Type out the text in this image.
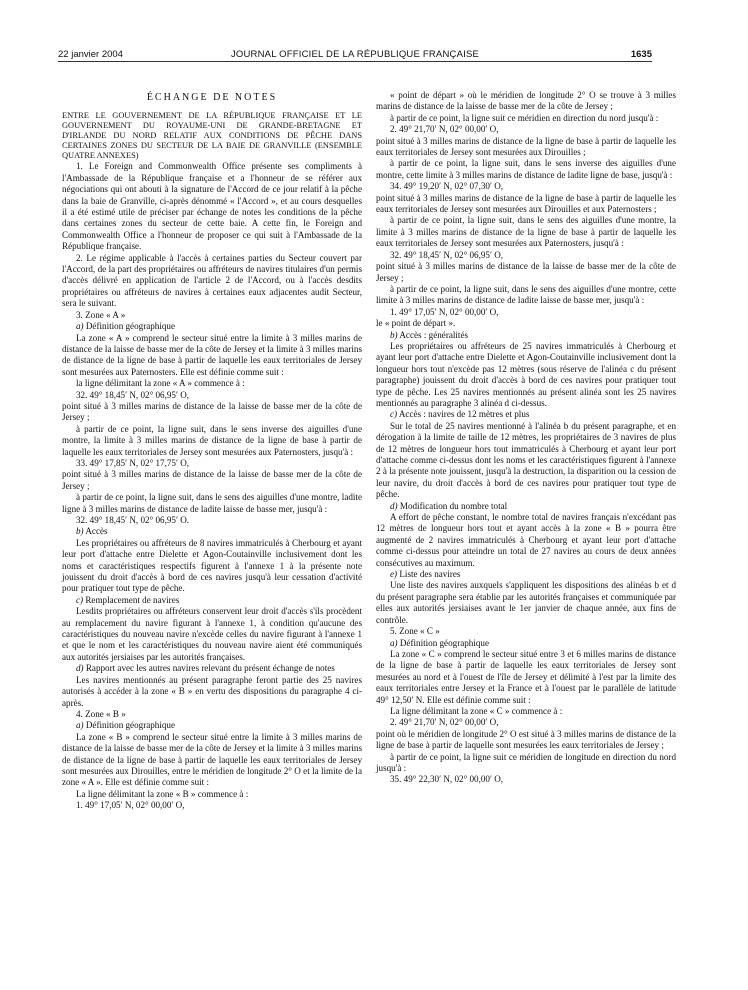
22 janvier 2004	JOURNAL OFFICIEL DE LA RÉPUBLIQUE FRANÇAISE	1635
ÉCHANGE DE NOTES

ENTRE LE GOUVERNEMENT DE LA RÉPUBLIQUE FRANÇAISE ET LE GOUVERNEMENT DU ROYAUME-UNI DE GRANDE-BRETAGNE ET D'IRLANDE DU NORD RELATIF AUX CONDITIONS DE PÊCHE DANS CERTAINES ZONES DU SECTEUR DE LA BAIE DE GRANVILLE (ENSEMBLE QUATRE ANNEXES)

1. Le Foreign and Commonwealth Office présente ses compliments à l'Ambassade de la République française et a l'honneur de se référer aux négociations qui ont abouti à la signature de l'Accord de ce jour relatif à la pêche dans la baie de Granville, ci-après dénommé « l'Accord », et au cours desquelles il a été estimé utile de préciser par échange de notes les conditions de la pêche dans certaines zones du secteur de cette baie. A cette fin, le Foreign and Commonwealth Office a l'honneur de proposer ce qui suit à l'Ambassade de la République française.

2. Le régime applicable à l'accès à certaines parties du Secteur couvert par l'Accord, de la part des propriétaires ou affréteurs de navires titulaires d'un permis d'accès délivré en application de l'article 2 de l'Accord, ou à l'accès desdits propriétaires ou affréteurs de navires à certaines eaux adjacentes audit Secteur, sera le suivant.

3. Zone « A »

a) Définition géographique

La zone « A » comprend le secteur situé entre la limite à 3 milles marins de distance de la laisse de basse mer de la côte de Jersey et la limite à 3 milles marins de distance de la ligne de base à partir de laquelle les eaux territoriales de Jersey sont mesurées aux Paternosters. Elle est définie comme suit :

la ligne délimitant la zone « A » commence à :

32. 49° 18,45′ N, 02° 06,95′ O,

point situé à 3 milles marins de distance de la laisse de basse mer de la côte de Jersey ;

à partir de ce point, la ligne suit, dans le sens inverse des aiguilles d'une montre, la limite à 3 milles marins de distance de la ligne de base à partir de laquelle les eaux territoriales de Jersey sont mesurées aux Paternosters, jusqu'à :

33. 49° 17,85′ N, 02° 17,75′ O,

point situé à 3 milles marins de distance de la laisse de basse mer de la côte de Jersey ;

à partir de ce point, la ligne suit, dans le sens des aiguilles d'une montre, ladite ligne à 3 milles marins de distance de ladite laisse de basse mer, jusqu'à :

32. 49° 18,45′ N, 02° 06,95′ O.

b) Accès

Les propriétaires ou affréteurs de 8 navires immatriculés à Cherbourg et ayant leur port d'attache entre Dielette et Agon-Coutainville inclusivement dont les noms et caractéristiques respectifs figurent à l'annexe 1 à la présente note jouissent du droit d'accès à bord de ces navires jusqu'à leur cessation d'activité pour pratiquer tout type de pêche.

c) Remplacement de navires

Lesdits propriétaires ou affréteurs conservent leur droit d'accès s'ils procèdent au remplacement du navire figurant à l'annexe 1, à condition qu'aucune des caractéristiques du nouveau navire n'excède celles du navire figurant à l'annexe 1 et que le nom et les caractéristiques du nouveau navire aient été communiqués aux autorités jersiaises par les autorités françaises.

d) Rapport avec les autres navires relevant du présent échange de notes

Les navires mentionnés au présent paragraphe feront partie des 25 navires autorisés à accéder à la zone « B » en vertu des dispositions du paragraphe 4 ci-après.

4. Zone « B »

a) Définition géographique

La zone « B » comprend le secteur situé entre la limite à 3 milles marins de distance de la laisse de basse mer de la côte de Jersey et la limite à 3 milles marins de distance de la ligne de base à partir de laquelle les eaux territoriales de Jersey sont mesurées aux Dirouilles, entre le méridien de longitude 2° O et la limite de la zone « A ». Elle est définie comme suit :

La ligne délimitant la zone « B » commence à :

1. 49° 17,05′ N, 02° 00,00′ O,

« point de départ » où le méridien de longitude 2° O se trouve à 3 milles marins de distance de la laisse de basse mer de la côte de Jersey ;

à partir de ce point, la ligne suit ce méridien en direction du nord jusqu'à :

2. 49° 21,70′ N, 02° 00,00′ O,

point situé à 3 milles marins de distance de la ligne de base à partir de laquelle les eaux territoriales de Jersey sont mesurées aux Dirouilles ;

à partir de ce point, la ligne suit, dans le sens inverse des aiguilles d'une montre, cette limite à 3 milles marins de distance de ladite ligne de base, jusqu'à :

34. 49° 19,20′ N, 02° 07,30′ O,

point situé à 3 milles marins de distance de la ligne de base à partir de laquelle les eaux territoriales de Jersey sont mesurées aux Dirouilles et aux Paternosters ;

à partir de ce point, la ligne suit, dans le sens des aiguilles d'une montre, la limite à 3 milles marins de distance de la ligne de base à partir de laquelle les eaux territoriales de Jersey sont mesurées aux Paternosters, jusqu'à :

32. 49° 18,45′ N, 02° 06,95′ O,

point situé à 3 milles marins de distance de la laisse de basse mer de la côte de Jersey ;

à partir de ce point, la ligne suit, dans le sens des aiguilles d'une montre, cette limite à 3 milles marins de distance de ladite laisse de basse mer, jusqu'à :

1. 49° 17,05′ N, 02° 00,00′ O,

le « point de départ ».

b) Accès : généralités

Les propriétaires ou affréteurs de 25 navires immatriculés à Cherbourg et ayant leur port d'attache entre Dielette et Agon-Coutainville inclusivement dont la longueur hors tout n'excède pas 12 mètres (sous réserve de l'alinéa c du présent paragraphe) jouissent du droit d'accès à bord de ces navires pour pratiquer tout type de pêche. Les 25 navires mentionnés au présent alinéa sont les 25 navires mentionnés au paragraphe 3 alinéa d ci-dessus.

c) Accès : navires de 12 mètres et plus

Sur le total de 25 navires mentionné à l'alinéa b du présent paragraphe, et en dérogation à la limite de taille de 12 mètres, les propriétaires de 3 navires de plus de 12 mètres de longueur hors tout immatriculés à Cherbourg et ayant leur port d'attache comme ci-dessus dont les noms et les caractéristiques figurent à l'annexe 2 à la présente note jouissent, jusqu'à la destruction, la disparition ou la cession de leur navire, du droit d'accès à bord de ces navires pour pratiquer tout type de pêche.

d) Modification du nombre total

A effort de pêche constant, le nombre total de navires français n'excédant pas 12 mètres de longueur hors tout et ayant accès à la zone « B » pourra être augmenté de 2 navires immatriculés à Cherbourg et ayant leur port d'attache comme ci-dessus pour atteindre un total de 27 navires au cours de deux années consécutives au maximum.

e) Liste des navires

Une liste des navires auxquels s'appliquent les dispositions des alinéas b et d du présent paragraphe sera établie par les autorités françaises et communiquée par elles aux autorités jersiaises avant le 1er janvier de chaque année, aux fins de contrôle.

5. Zone « C »

a) Définition géographique

La zone « C » comprend le secteur situé entre 3 et 6 milles marins de distance de la ligne de base à partir de laquelle les eaux territoriales de Jersey sont mesurées au nord et à l'ouest de l'île de Jersey et délimité à l'est par la limite des eaux territoriales entre Jersey et la France et à l'ouest par le parallèle de latitude 49° 12,50′ N. Elle est définie comme suit :

La ligne délimitant la zone « C » commence à :

2. 49° 21,70′ N, 02° 00,00′ O,

point où le méridien de longitude 2° O est situé à 3 milles marins de distance de la ligne de base à partir de laquelle sont mesurées les eaux territoriales de Jersey ;

à partir de ce point, la ligne suit ce méridien de longitude en direction du nord jusqu'à :

35. 49° 22,30′ N, 02° 00,00′ O,
